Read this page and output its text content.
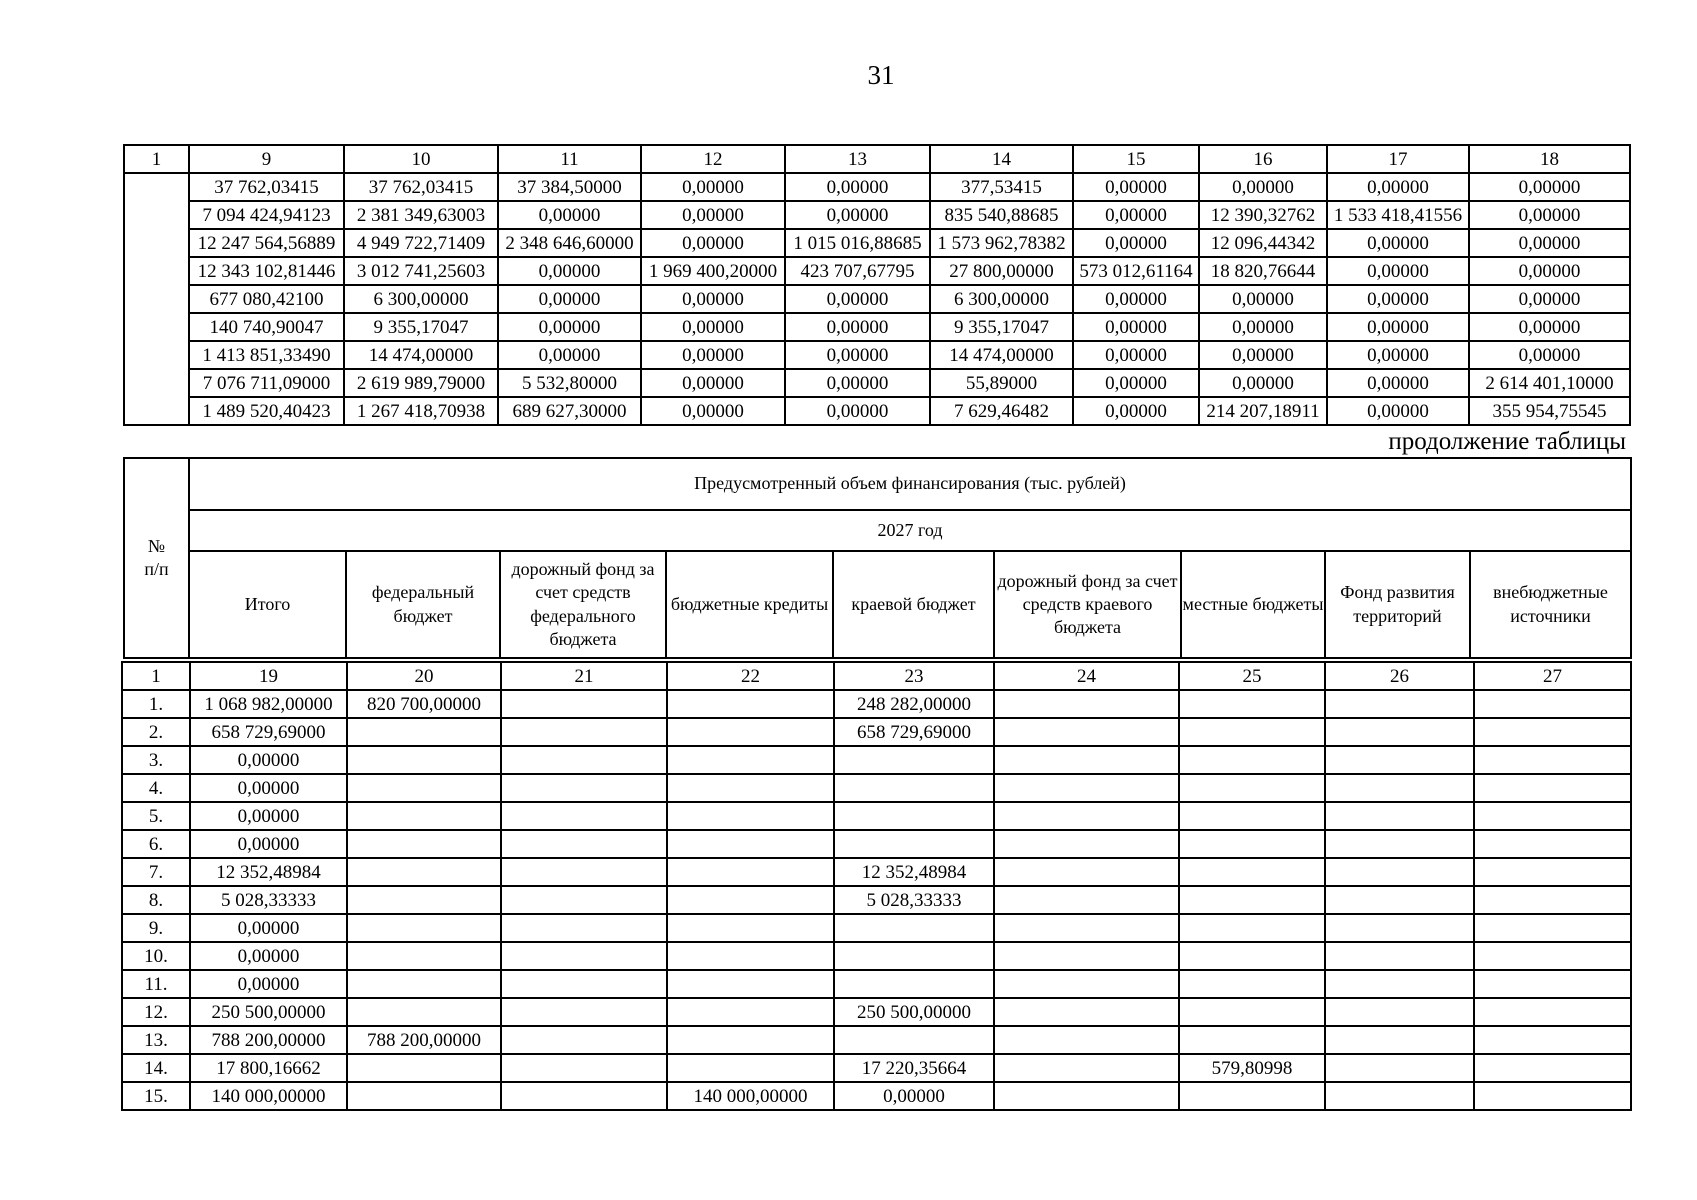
31
1	9	10	11	12	13	14	15	16	17	18
	37 762,03415	37 762,03415	37 384,50000	0,00000	0,00000	377,53415	0,00000	0,00000	0,00000	0,00000
	7 094 424,94123	2 381 349,63003	0,00000	0,00000	0,00000	835 540,88685	0,00000	12 390,32762	1 533 418,41556	0,00000
	12 247 564,56889	4 949 722,71409	2 348 646,60000	0,00000	1 015 016,88685	1 573 962,78382	0,00000	12 096,44342	0,00000	0,00000
	12 343 102,81446	3 012 741,25603	0,00000	1 969 400,20000	423 707,67795	27 800,00000	573 012,61164	18 820,76644	0,00000	0,00000
	677 080,42100	6 300,00000	0,00000	0,00000	0,00000	6 300,00000	0,00000	0,00000	0,00000	0,00000
	140 740,90047	9 355,17047	0,00000	0,00000	0,00000	9 355,17047	0,00000	0,00000	0,00000	0,00000
	1 413 851,33490	14 474,00000	0,00000	0,00000	0,00000	14 474,00000	0,00000	0,00000	0,00000	0,00000
	7 076 711,09000	2 619 989,79000	5 532,80000	0,00000	0,00000	55,89000	0,00000	0,00000	0,00000	2 614 401,10000
	1 489 520,40423	1 267 418,70938	689 627,30000	0,00000	0,00000	7 629,46482	0,00000	214 207,18911	0,00000	355 954,75545
продолжение таблицы
№
п/п	Предусмотренный объем финансирования (тыс. рублей)								
	2027 год								
	Итого	федеральный бюджет	дорожный фонд за счет средств федерального бюджета	бюджетные кредиты	краевой бюджет	дорожный фонд за счет средств краевого бюджета	местные бюджеты	Фонд развития территорий	внебюджетные источники
1	19	20	21	22	23	24	25	26	27
1.	1 068 982,00000	820 700,00000			248 282,00000				
2.	658 729,69000				658 729,69000				
3.	0,00000								
4.	0,00000								
5.	0,00000								
6.	0,00000								
7.	12 352,48984				12 352,48984				
8.	5 028,33333				5 028,33333				
9.	0,00000								
10.	0,00000								
11.	0,00000								
12.	250 500,00000				250 500,00000				
13.	788 200,00000	788 200,00000							
14.	17 800,16662				17 220,35664		579,80998		
15.	140 000,00000			140 000,00000	0,00000				
